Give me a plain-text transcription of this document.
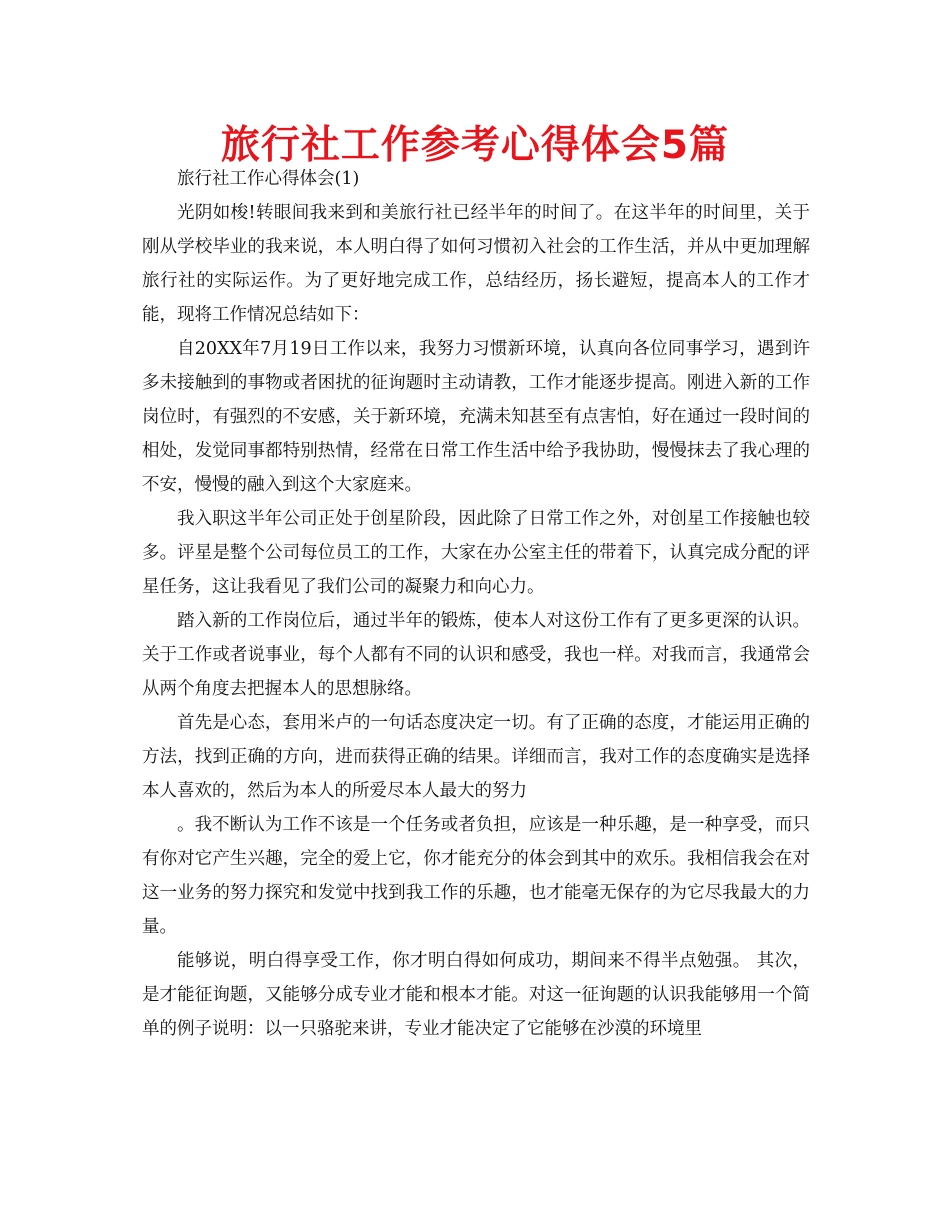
旅行社工作参考心得体会5篇

旅行社工作心得体会(1)

光阴如梭!转眼间我来到和美旅行社已经半年的时间了。在这半年的时间里，关于刚从学校毕业的我来说，本人明白得了如何习惯初入社会的工作生活，并从中更加理解旅行社的实际运作。为了更好地完成工作，总结经历，扬长避短，提高本人的工作才能，现将工作情况总结如下：

自20XX年7月19日工作以来，我努力习惯新环境，认真向各位同事学习，遇到许多未接触到的事物或者困扰的征询题时主动请教，工作才能逐步提高。刚进入新的工作岗位时，有强烈的不安感，关于新环境，充满未知甚至有点害怕，好在通过一段时间的相处，发觉同事都特别热情，经常在日常工作生活中给予我协助，慢慢抹去了我心理的不安，慢慢的融入到这个大家庭来。

我入职这半年公司正处于创星阶段，因此除了日常工作之外，对创星工作接触也较多。评星是整个公司每位员工的工作，大家在办公室主任的带着下，认真完成分配的评星任务，这让我看见了我们公司的凝聚力和向心力。

踏入新的工作岗位后，通过半年的锻炼，使本人对这份工作有了更多更深的认识。关于工作或者说事业，每个人都有不同的认识和感受，我也一样。对我而言，我通常会从两个角度去把握本人的思想脉络。

首先是心态，套用米卢的一句话态度决定一切。有了正确的态度，才能运用正确的方法，找到正确的方向，进而获得正确的结果。详细而言，我对工作的态度确实是选择本人喜欢的，然后为本人的所爱尽本人最大的努力

。我不断认为工作不该是一个任务或者负担，应该是一种乐趣，是一种享受，而只有你对它产生兴趣，完全的爱上它，你才能充分的体会到其中的欢乐。我相信我会在对这一业务的努力探究和发觉中找到我工作的乐趣，也才能毫无保存的为它尽我最大的力量。

能够说，明白得享受工作，你才明白得如何成功，期间来不得半点勉强。 其次，是才能征询题，又能够分成专业才能和根本才能。对这一征询题的认识我能够用一个简单的例子说明：以一只骆驼来讲，专业才能决定了它能够在沙漠的环境里
